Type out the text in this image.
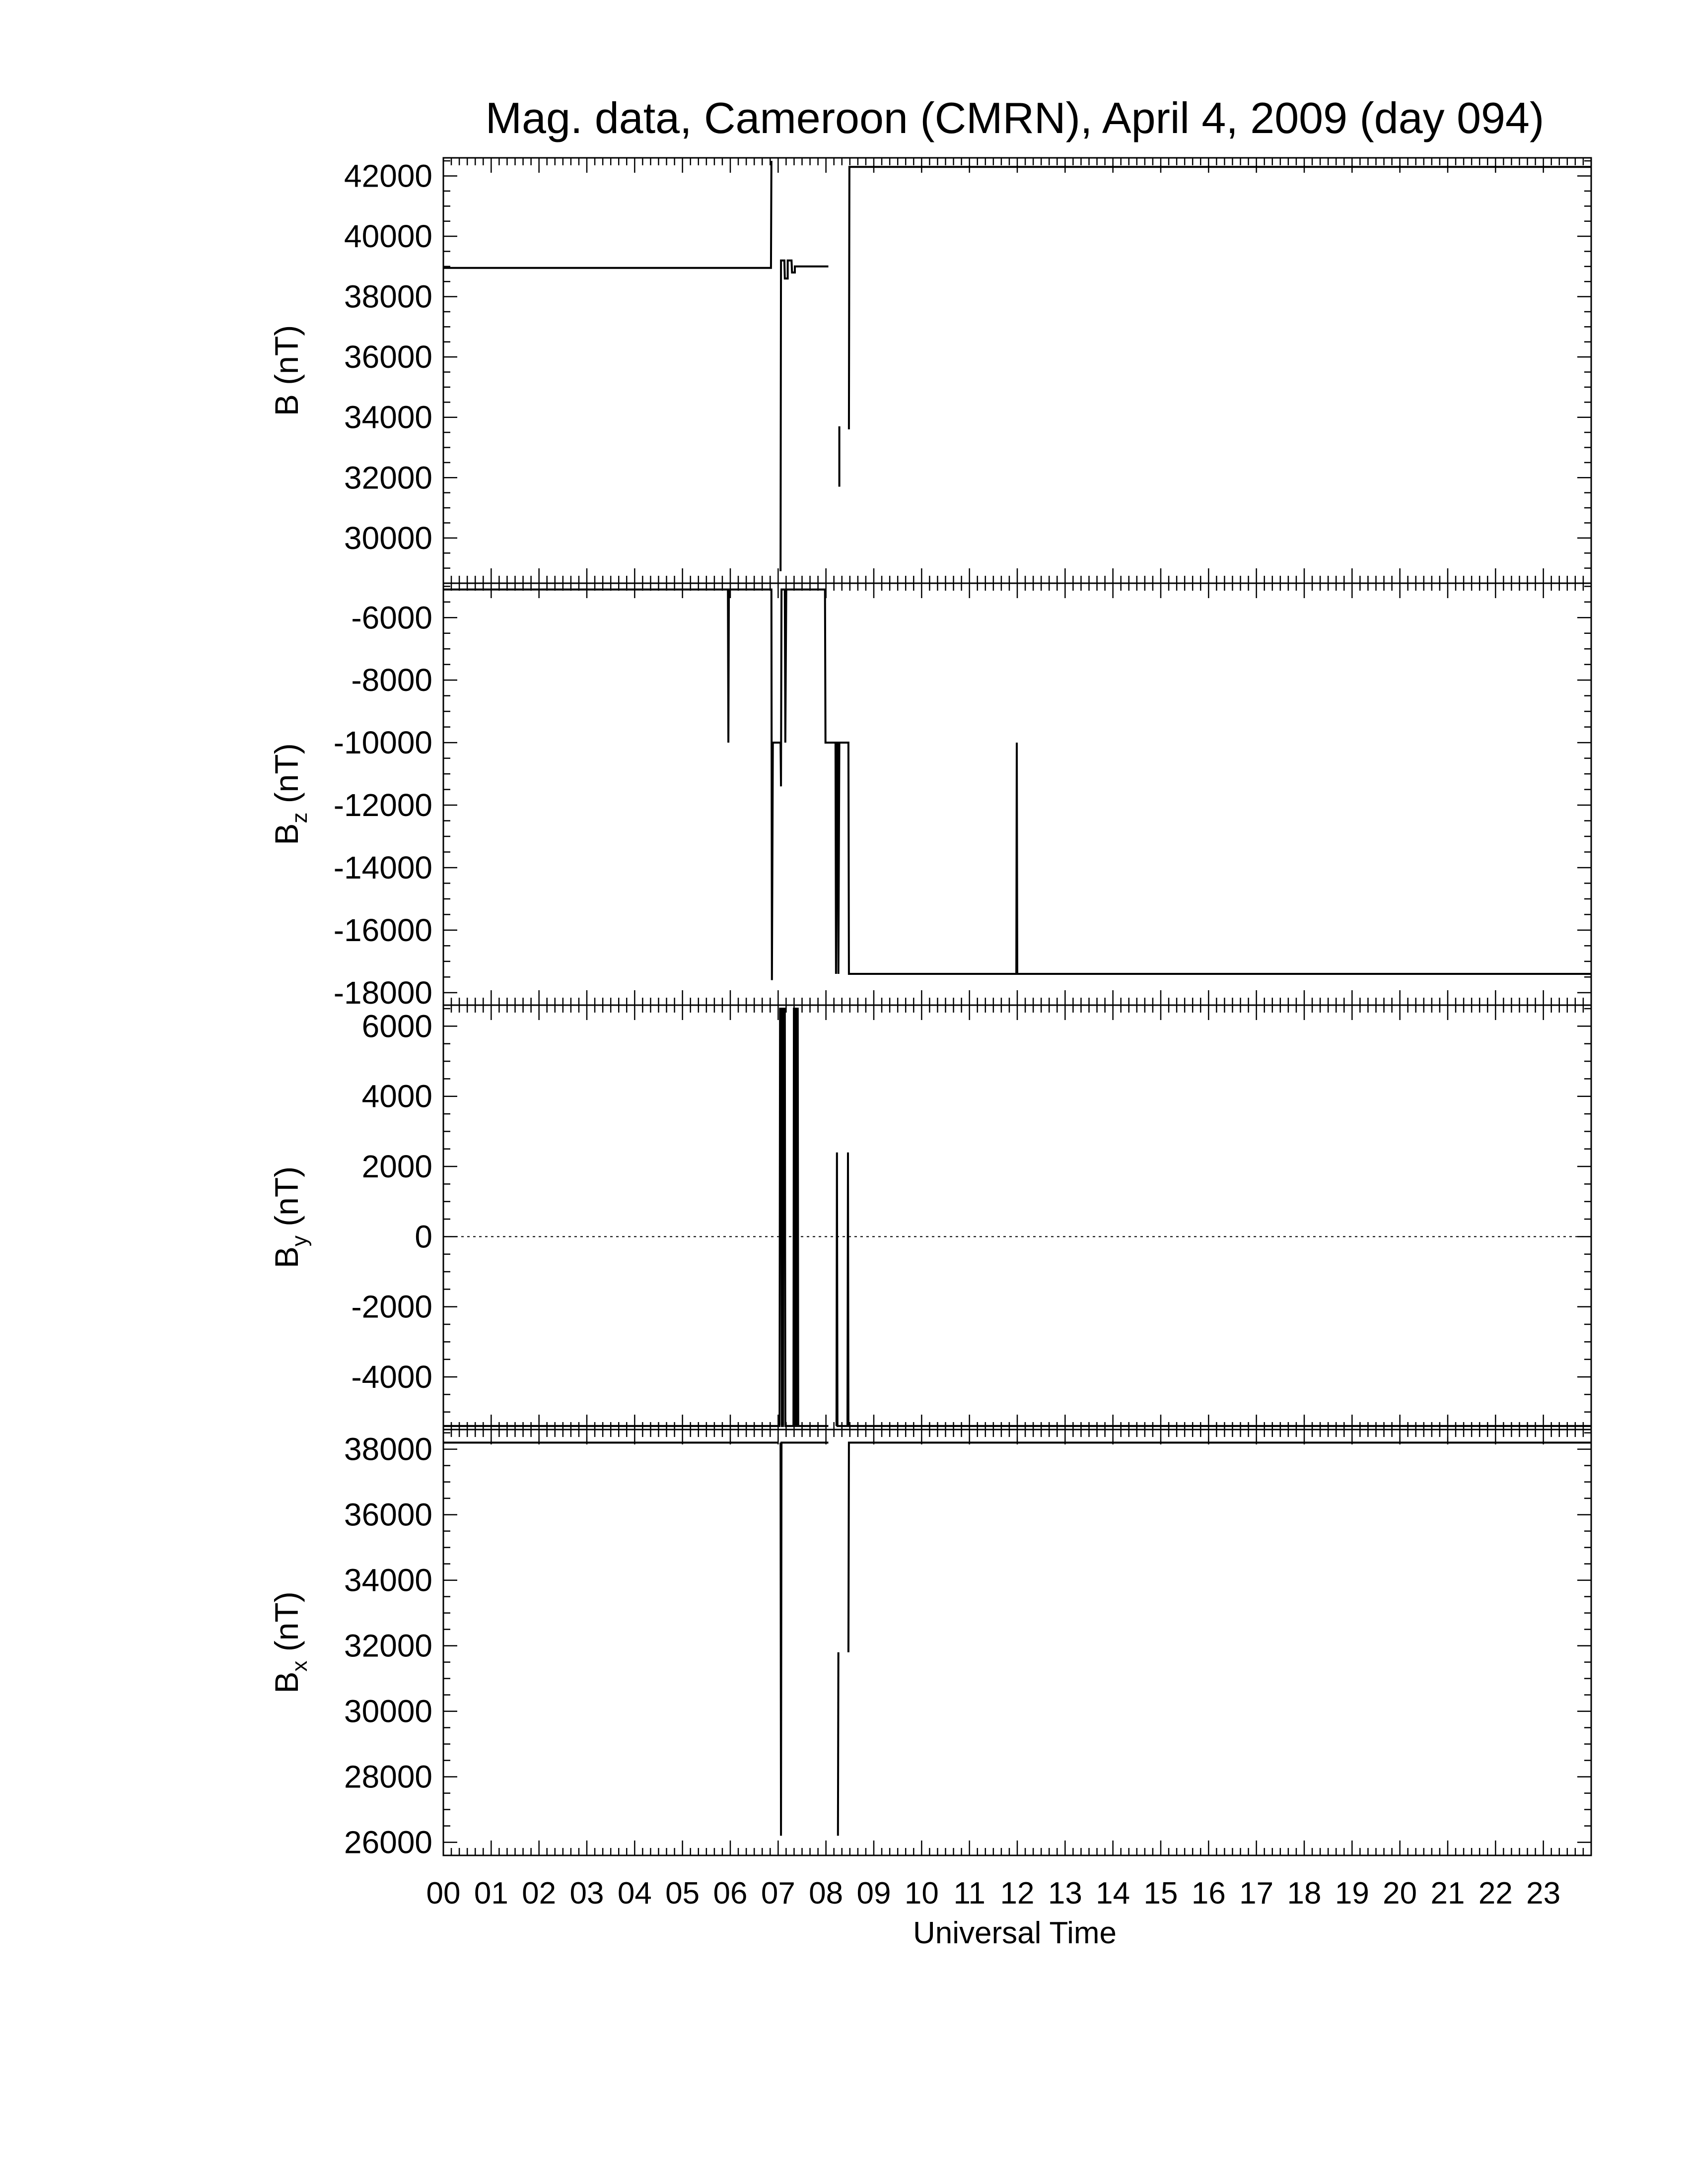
Mag. data, Cameroon (CMRN), April 4, 2009 (day 094)
30000
32000
34000
36000
38000
40000
42000
B (nT)
-18000
-16000
-14000
-12000
-10000
-8000
-6000
$B_z$ (nT)
-4000
-2000
0
2000
4000
6000
$B_y$ (nT)
26000
28000
30000
32000
34000
36000
38000
$B_x$ (nT)
00 01 02 03 04 05 06 07 08 09 10 11 12 13 14 15 16 17 18 19 20 21 22 23
Universal Time
